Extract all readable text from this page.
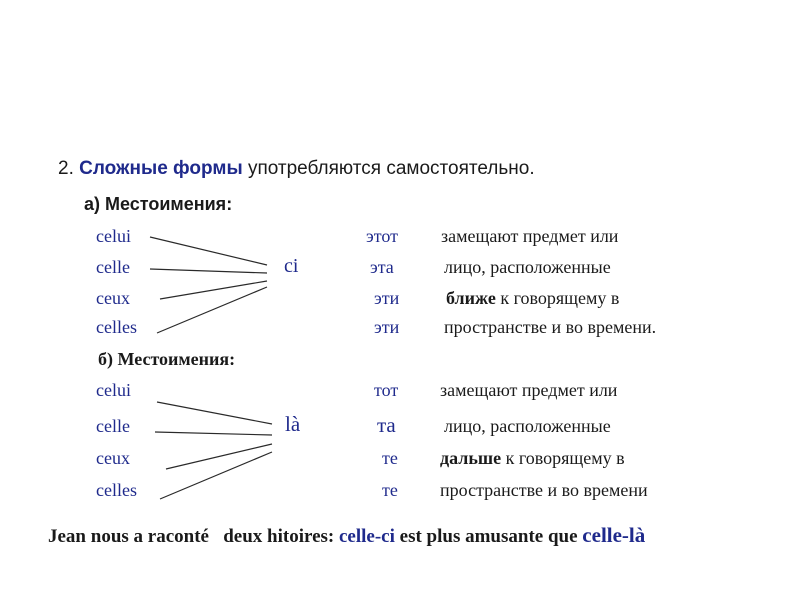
2. Сложные формы употребляются самостоятельно.
а) Местоимения:
celui
celle
ceux
celles
ci
этот
эта
эти
эти
замещают предмет или
лицо, расположенные
ближе к говорящему в
пространстве и во времени.
б) Местоимения:
celui
celle
ceux
celles
là
тот
та
те
те
замещают предмет или
лицо, расположенные
дальше к говорящему в
пространстве и во времени
Jean nous a raconté   deux hitoires: celle-ci est plus amusante que celle-là
